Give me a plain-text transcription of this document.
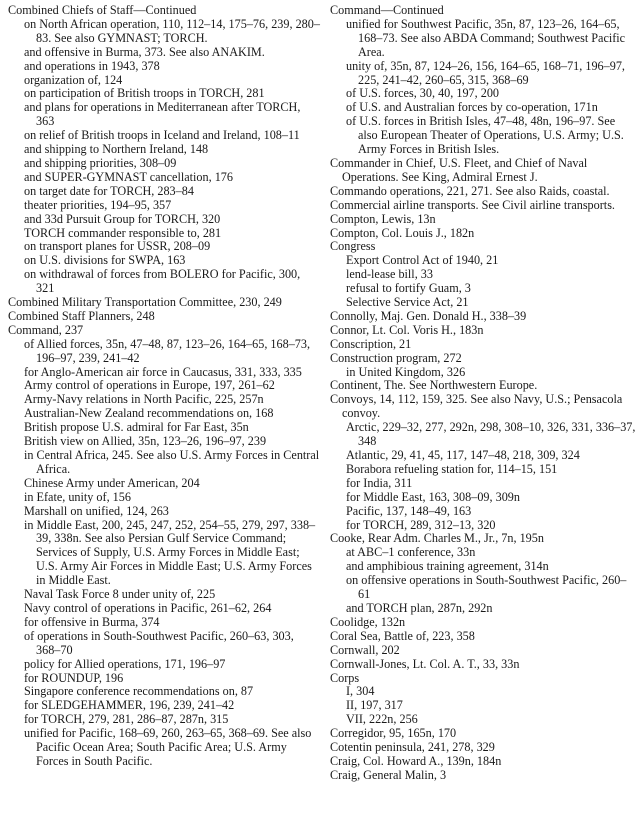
Combined Chiefs of Staff—Continued
on North African operation, 110, 112–14, 175–76, 239, 280–83. See also GYMNAST; TORCH.
and offensive in Burma, 373. See also ANAKIM.
and operations in 1943, 378
organization of, 124
on participation of British troops in TORCH, 281
and plans for operations in Mediterranean after TORCH, 363
on relief of British troops in Iceland and Ireland, 108–11
and shipping to Northern Ireland, 148
and shipping priorities, 308–09
and SUPER-GYMNAST cancellation, 176
on target date for TORCH, 283–84
theater priorities, 194–95, 357
and 33d Pursuit Group for TORCH, 320
TORCH commander responsible to, 281
on transport planes for USSR, 208–09
on U.S. divisions for SWPA, 163
on withdrawal of forces from BOLERO for Pacific, 300, 321
Combined Military Transportation Committee, 230, 249
Combined Staff Planners, 248
Command, 237
of Allied forces, 35n, 47–48, 87, 123–26, 164–65, 168–73, 196–97, 239, 241–42
for Anglo-American air force in Caucasus, 331, 333, 335
Army control of operations in Europe, 197, 261–62
Army-Navy relations in North Pacific, 225, 257n
Australian-New Zealand recommendations on, 168
British propose U.S. admiral for Far East, 35n
British view on Allied, 35n, 123–26, 196–97, 239
in Central Africa, 245. See also U.S. Army Forces in Central Africa.
Chinese Army under American, 204
in Efate, unity of, 156
Marshall on unified, 124, 263
in Middle East, 200, 245, 247, 252, 254–55, 279, 297, 338–39, 338n. See also Persian Gulf Service Command; Services of Supply, U.S. Army Forces in Middle East; U.S. Army Air Forces in Middle East; U.S. Army Forces in Middle East.
Naval Task Force 8 under unity of, 225
Navy control of operations in Pacific, 261–62, 264
for offensive in Burma, 374
of operations in South-Southwest Pacific, 260–63, 303, 368–70
policy for Allied operations, 171, 196–97
for ROUNDUP, 196
Singapore conference recommendations on, 87
for SLEDGEHAMMER, 196, 239, 241–42
for TORCH, 279, 281, 286–87, 287n, 315
unified for Pacific, 168–69, 260, 263–65, 368–69. See also Pacific Ocean Area; South Pacific Area; U.S. Army Forces in South Pacific.
Command—Continued
unified for Southwest Pacific, 35n, 87, 123–26, 164–65, 168–73. See also ABDA Command; Southwest Pacific Area.
unity of, 35n, 87, 124–26, 156, 164–65, 168–71, 196–97, 225, 241–42, 260–65, 315, 368–69
of U.S. forces, 30, 40, 197, 200
of U.S. and Australian forces by co-operation, 171n
of U.S. forces in British Isles, 47–48, 48n, 196–97. See also European Theater of Operations, U.S. Army; U.S. Army Forces in British Isles.
Commander in Chief, U.S. Fleet, and Chief of Naval Operations. See King, Admiral Ernest J.
Commando operations, 221, 271. See also Raids, coastal.
Commercial airline transports. See Civil airline transports.
Compton, Lewis, 13n
Compton, Col. Louis J., 182n
Congress
Export Control Act of 1940, 21
lend-lease bill, 33
refusal to fortify Guam, 3
Selective Service Act, 21
Connolly, Maj. Gen. Donald H., 338–39
Connor, Lt. Col. Voris H., 183n
Conscription, 21
Construction program, 272
in United Kingdom, 326
Continent, The. See Northwestern Europe.
Convoys, 14, 112, 159, 325. See also Navy, U.S.; Pensacola convoy.
Arctic, 229–32, 277, 292n, 298, 308–10, 326, 331, 336–37, 348
Atlantic, 29, 41, 45, 117, 147–48, 218, 309, 324
Borabora refueling station for, 114–15, 151
for India, 311
for Middle East, 163, 308–09, 309n
Pacific, 137, 148–49, 163
for TORCH, 289, 312–13, 320
Cooke, Rear Adm. Charles M., Jr., 7n, 195n
at ABC–1 conference, 33n
and amphibious training agreement, 314n
on offensive operations in South-Southwest Pacific, 260–61
and TORCH plan, 287n, 292n
Coolidge, 132n
Coral Sea, Battle of, 223, 358
Cornwall, 202
Cornwall-Jones, Lt. Col. A. T., 33, 33n
Corps
I, 304
II, 197, 317
VII, 222n, 256
Corregidor, 95, 165n, 170
Cotentin peninsula, 241, 278, 329
Craig, Col. Howard A., 139n, 184n
Craig, General Malin, 3
